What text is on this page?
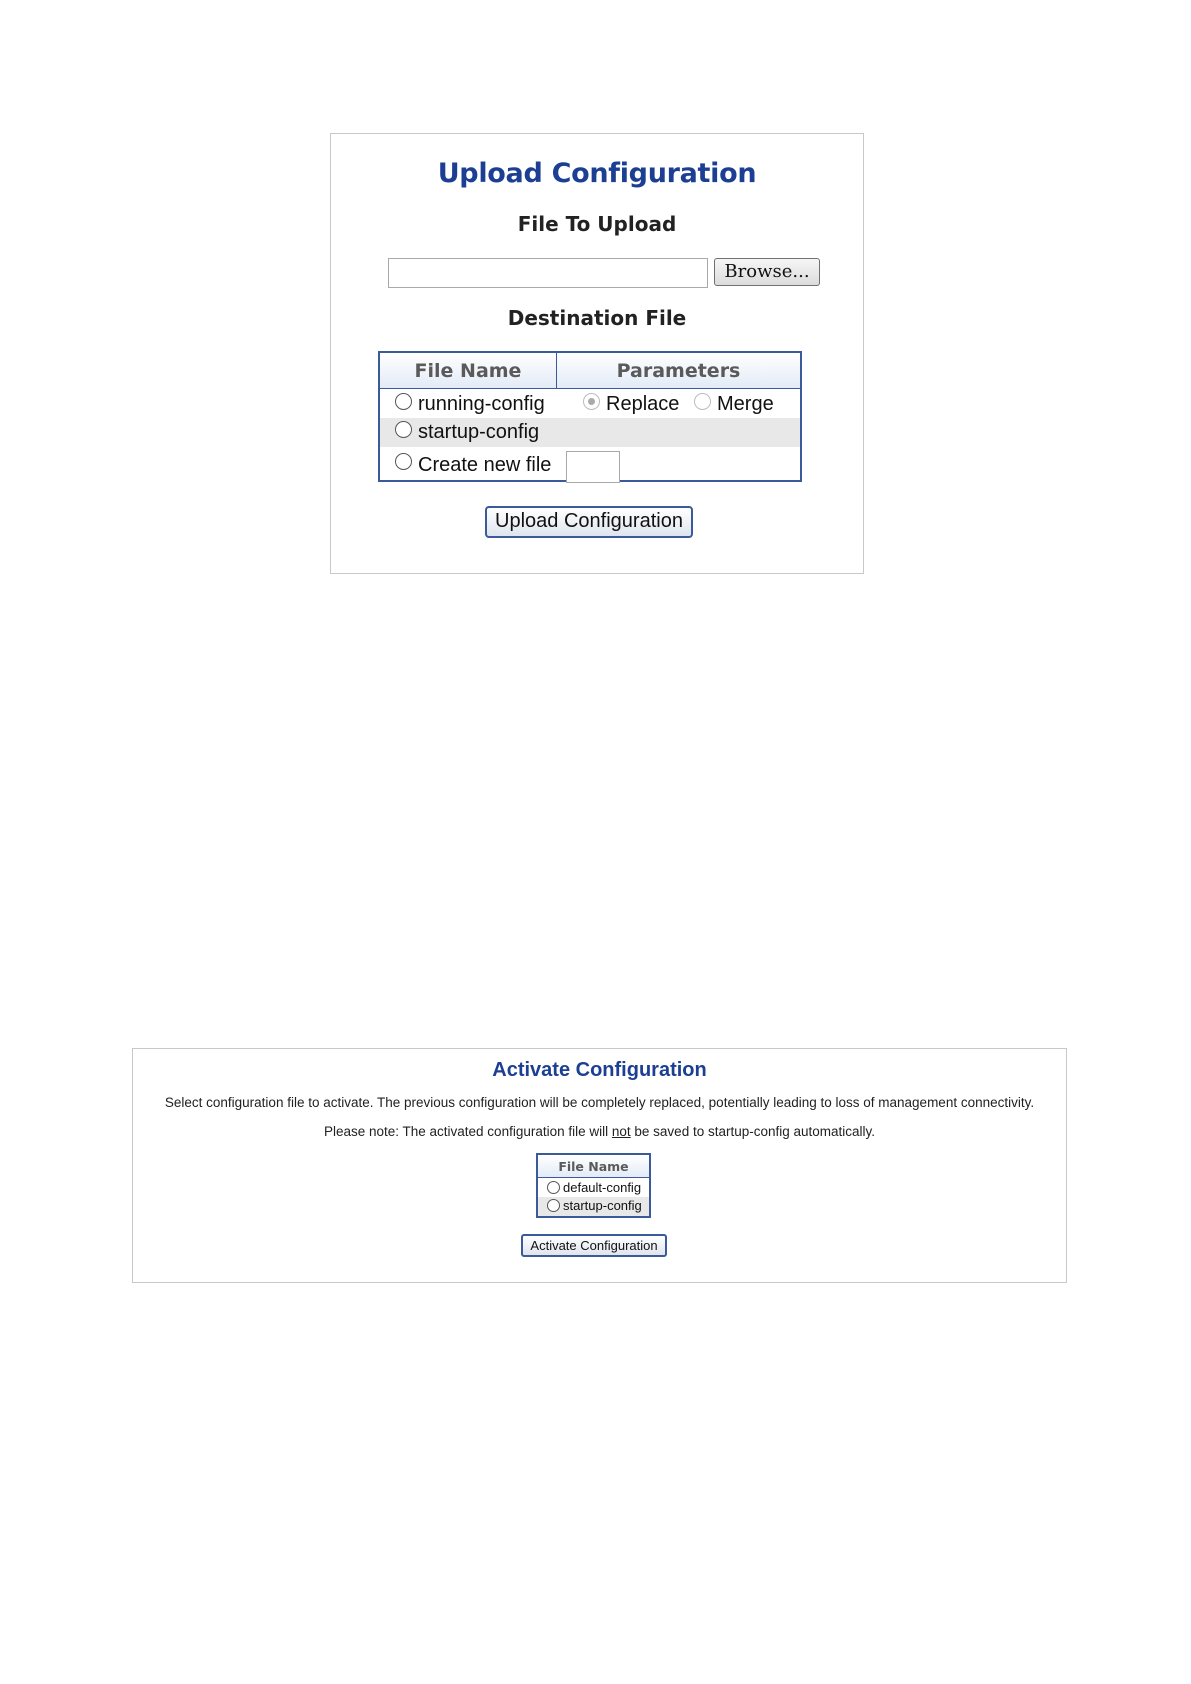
Upload Configuration
File To Upload
Browse...
Destination File
File Name	Parameters
running-config	Replace Merge
startup-config
Create new file
Upload Configuration
Activate Configuration
Select configuration file to activate. The previous configuration will be completely replaced, potentially leading to loss of management connectivity.
Please note: The activated configuration file will not be saved to startup-config automatically.
File Name
default-config
startup-config
Activate Configuration
